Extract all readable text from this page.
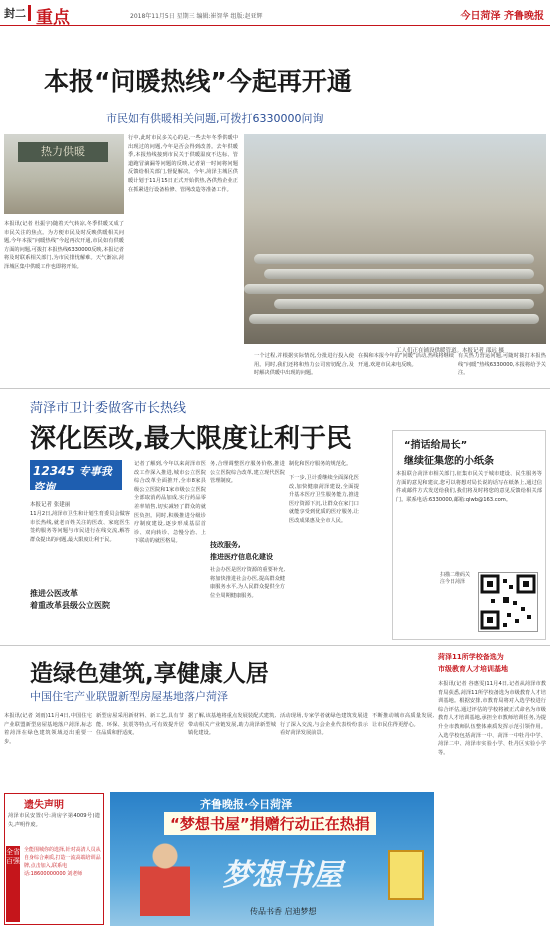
封二 重点	2018年11月5日 星期三 编辑:崔智华 组版:赵亚辉	今日菏泽 齐鲁晚报
本报“问暖热线”今起再开通
市民如有供暖相关问题,可拨打6330000问询
热力供暖
本报讯(记者 杜振宇)随着天气转凉,冬季供暖又成了市民关注的焦点。为方便市民及时反映供暖相关问题,今年本报“问暖热线”今起再次开通,市民如有供暖方面的问题,可拨打本报热线6330000反映,本报记者将及时联系相关部门,为市民排忧解难。天气渐凉,菏泽城区集中供暖工作也即将开始。
行中,此时市民多关心的是,一些去年冬季供暖中出现过的问题,今年是否会得到改善。去年供暖季,本报热线接到市民关于供暖温度不达标、管道跑冒滴漏等问题的反映,记者第一时间将问题反馈给相关部门,督促解决。今年,菏泽主城区供暖计划于11月15日正式开始供热,各供热企业正在抓紧进行设备检修、管网改造等准备工作。
工人们正在铺设供暖管道。本报记者 邵远 摄
一个过程,并根据实际情况,分批进行投入使用。同时,我们还将和热力公司密切配合,及时解决供暖中出现的问题。
在揭和本报今年的“问暖”活动,热线将继续开通,欢迎市民来电反映。
有关热力营运问题,可随时拨打本报热线“问暖”热线6330000,本报将给予关注。
菏泽市卫计委做客市长热线
深化医改,最大限度让利于民
12345 专事我咨询
市长热线 今日菏泽
本报记者 张建丽
11月2日,菏泽市卫生和计划生育委员会做客市长热线,就老百姓关注的医改、家庭医生签约服务等问题与市民进行在线交流,解答群众提出的问题,最大限度让利于民。
推进公医改革
着重改革县级公立医院
记者了解到,今年以来菏泽市医改工作深入推进,城市公立医院综合改革全面推开,全市8家县级公立医院和1家市级公立医院全部取消药品加成,实行药品零差率销售,切实减轻了群众的就医负担。同时,积极推进分级诊疗制度建设,逐步形成基层首诊、双向转诊、急慢分治、上下联动的就医格局。
务,合理调整医疗服务价格,推进公立医院综合改革,建立现代医院管理制度。
技改服务,
推进医疗信息化建设
社会办医是医疗资源的重要补充,将加快推进社会办医,提高群众健康服务水平,为人民群众提供全方位全周期健康服务。
制化和医疗服务的规范化。
下一步,卫计委继续全面深化医改,加快健康菏泽建设,全面提升基本医疗卫生服务能力,推进医疗资源下沉,让群众在家门口就能享受到优质的医疗服务,让医改成果惠及全市人民。
“捎话给局长”
继续征集您的小纸条
本报联合菏泽市相关部门,征集市民关于城市建设、民生服务等方面的意见和建议,您可以将想对局长说的话写在纸条上,通过信件或邮件方式发送给我们,我们将及时将您的意见反馈给相关部门。联系电话:6330000,邮箱:qlwb@163.com。
扫描二维码关注今日菏泽
造绿色建筑,享健康人居
中国住宅产业联盟新型房屋基地落户菏泽
本报讯(记者 刘雨)11月4日,中国住宅产业联盟新型房屋基地落户菏泽,标志着菏泽在绿色建筑领域迈出重要一步。
新型房屋采用新材料、新工艺,具有节能、环保、抗震等特点,可有效提升居住品质和舒适度。
据了解,该基地将重点发展装配式建筑,带动相关产业链发展,助力菏泽新型城镇化建设。
活动现场,专家学者就绿色建筑发展进行了深入交流,与会企业代表纷纷表示看好菏泽发展前景。
不断推动城市高质量发展,让市民住得更舒心。
菏泽11所学校备选为
市级教育人才培训基地
本报讯(记者 谷惠雯)11月4日,记者从菏泽市教育局获悉,菏泽11所学校备选为市级教育人才培训基地。根据安排,市教育局将对入选学校进行综合评估,通过评估的学校将被正式命名为市级教育人才培训基地,承担全市教师培训任务,为提升全市教师队伍整体素质发挥示范引领作用。入选学校包括菏泽一中、菏泽一中牡丹中学、菏泽二中、菏泽市实验小学、牡丹区实验小学等。
遗失声明
菏泽市民安置(号:菏房字第4009号)遗失,声明作废。
全省百强
全能围城你的选择,针对高清人员从自身综合素质,打造一流高端培训品牌,点击加入,联系电话:18600000000 刘老师
齐鲁晚报·今日菏泽
“梦想书屋”捐赠行动正在热捐
梦想书屋
传品书香 启迪梦想
